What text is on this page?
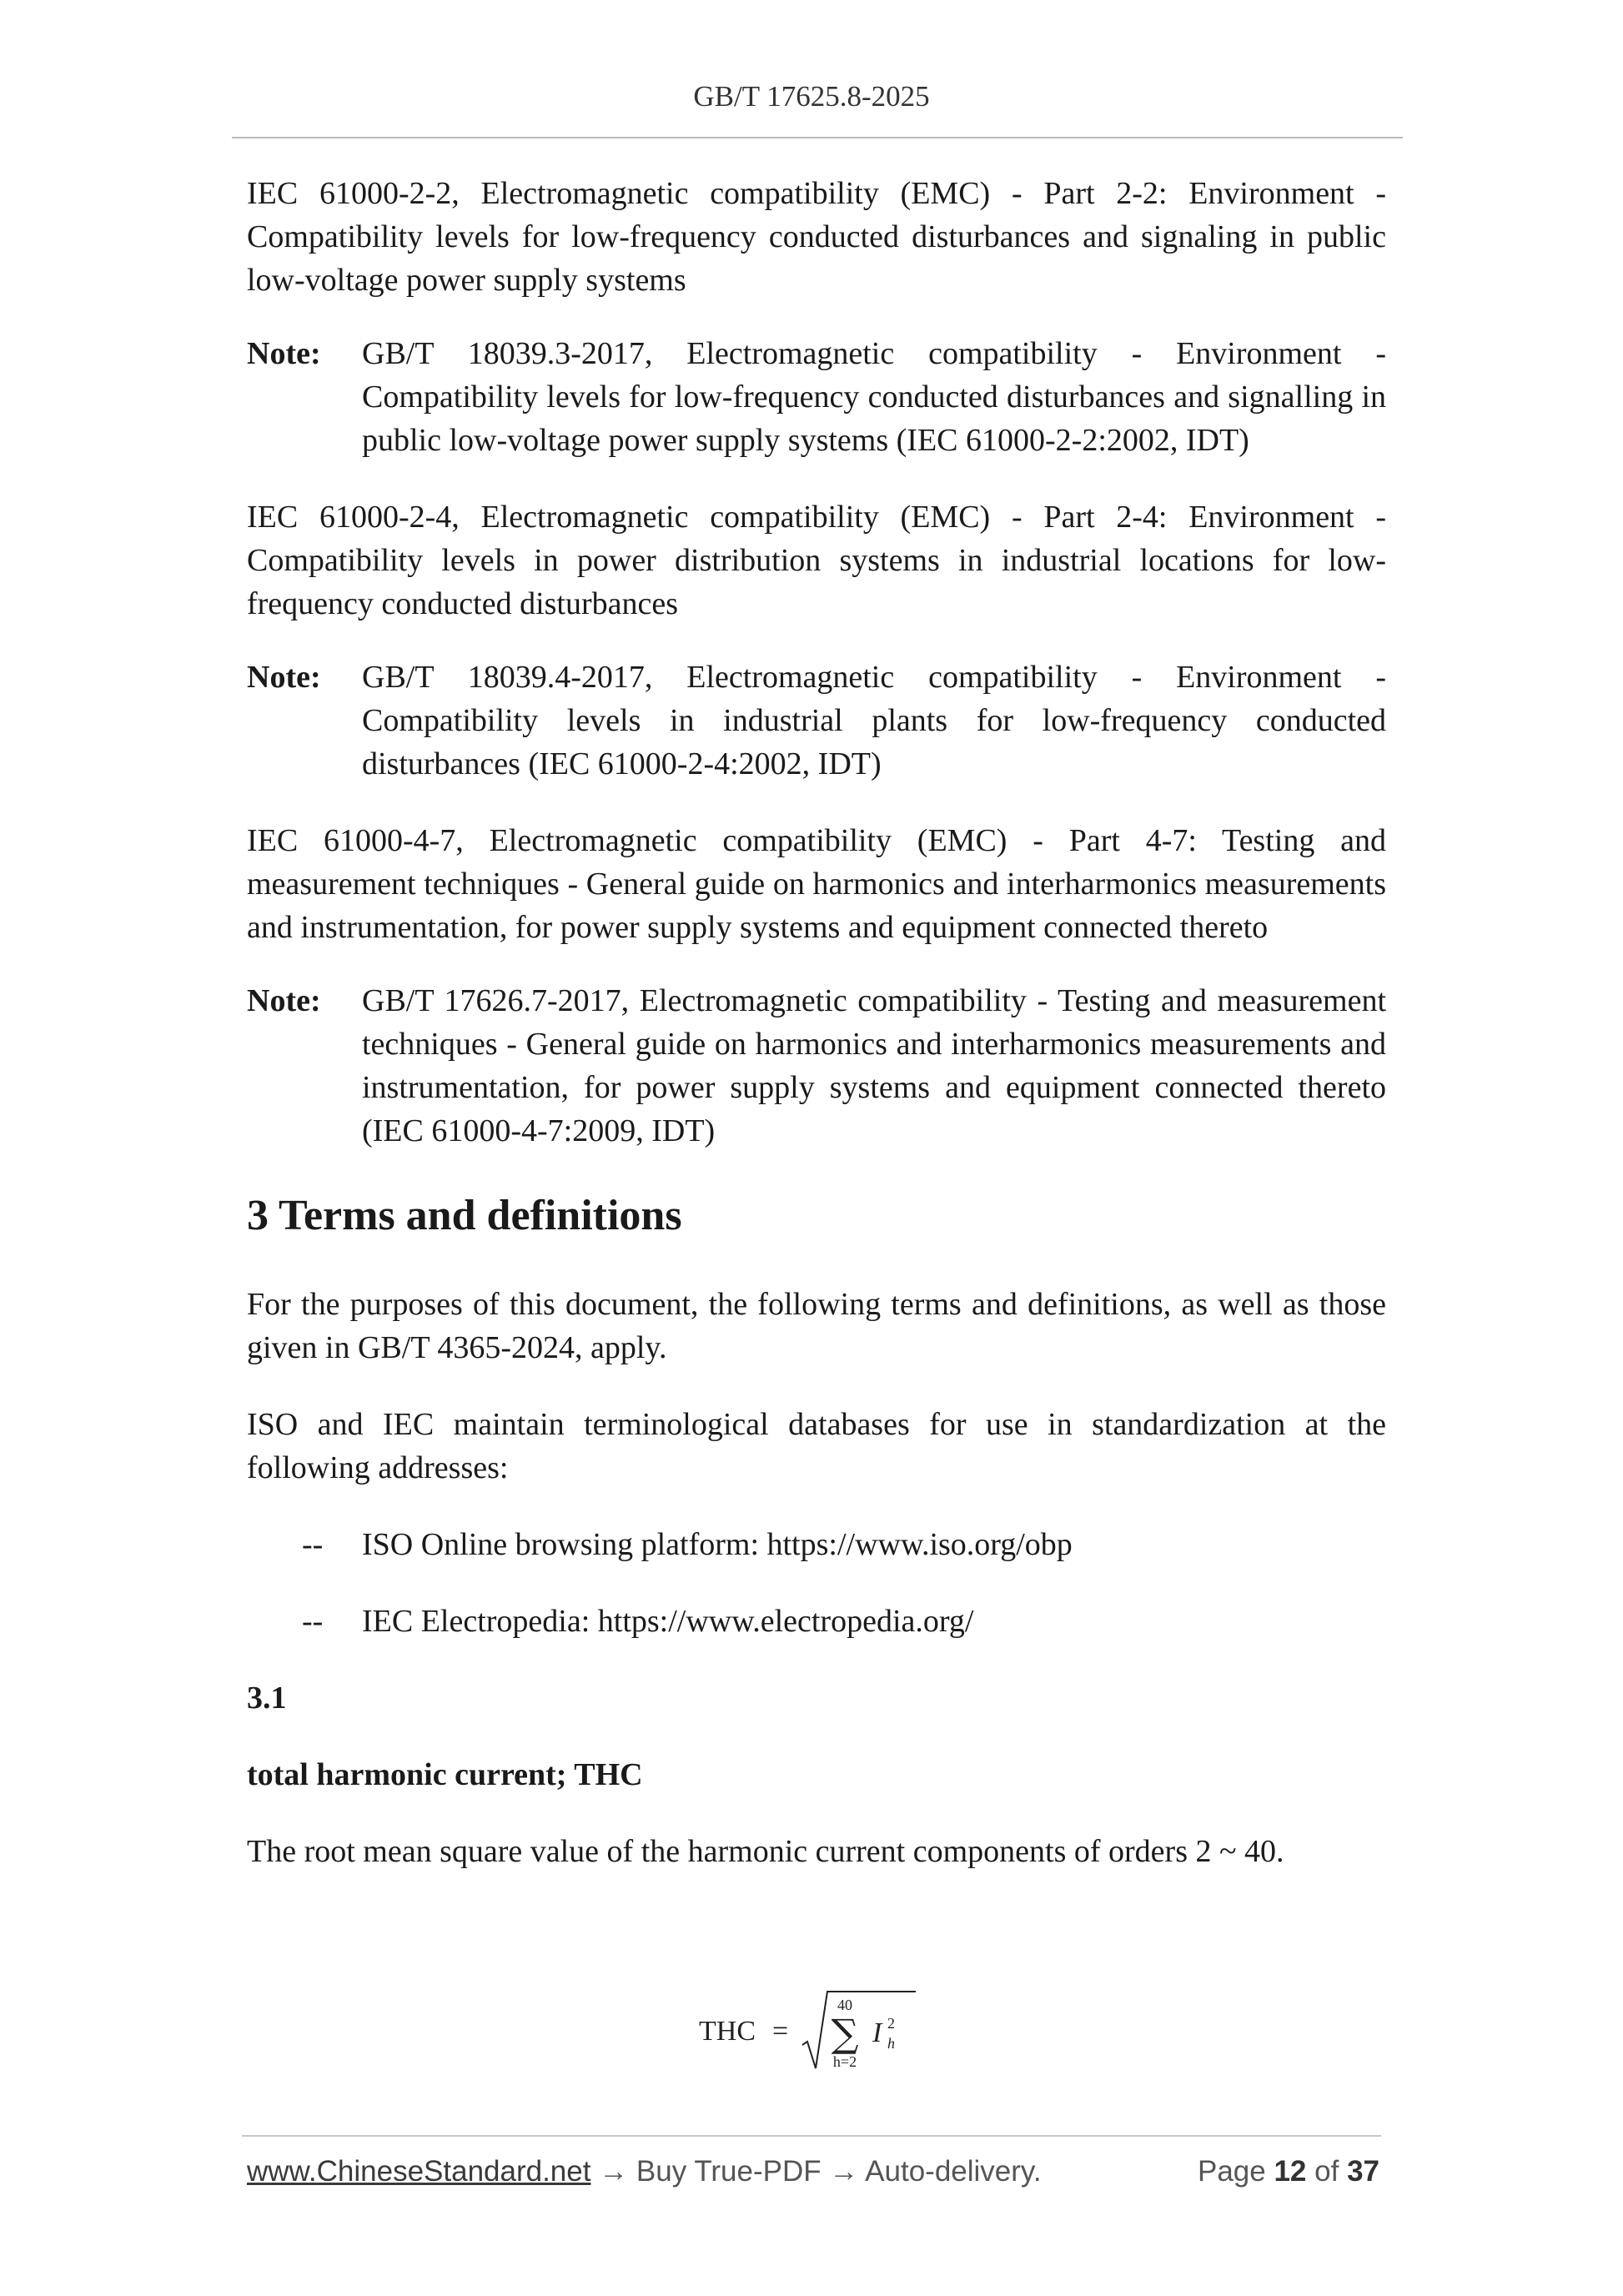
GB/T 17625.8-2025

IEC 61000-2-2, Electromagnetic compatibility (EMC) - Part 2-2: Environment - Compatibility levels for low-frequency conducted disturbances and signaling in public low-voltage power supply systems

Note:	GB/T 18039.3-2017, Electromagnetic compatibility - Environment - Compatibility levels for low-frequency conducted disturbances and signalling in public low-voltage power supply systems (IEC 61000-2-2:2002, IDT)

IEC 61000-2-4, Electromagnetic compatibility (EMC) - Part 2-4: Environment - Compatibility levels in power distribution systems in industrial locations for low-frequency conducted disturbances

Note:	GB/T 18039.4-2017, Electromagnetic compatibility - Environment - Compatibility levels in industrial plants for low-frequency conducted disturbances (IEC 61000-2-4:2002, IDT)

IEC 61000-4-7, Electromagnetic compatibility (EMC) - Part 4-7: Testing and measurement techniques - General guide on harmonics and interharmonics measurements and instrumentation, for power supply systems and equipment connected thereto

Note:	GB/T 17626.7-2017, Electromagnetic compatibility - Testing and measurement techniques - General guide on harmonics and interharmonics measurements and instrumentation, for power supply systems and equipment connected thereto (IEC 61000-4-7:2009, IDT)

3 Terms and definitions

For the purposes of this document, the following terms and definitions, as well as those given in GB/T 4365-2024, apply.

ISO and IEC maintain terminological databases for use in standardization at the following addresses:

--	ISO Online browsing platform: https://www.iso.org/obp
--	IEC Electropedia: https://www.electropedia.org/

3.1

total harmonic current; THC

The root mean square value of the harmonic current components of orders 2 ~ 40.

THC =
40
∑
h=2
I 2
h
www.ChineseStandard.net → Buy True-PDF → Auto-delivery.	Page 12 of 37
